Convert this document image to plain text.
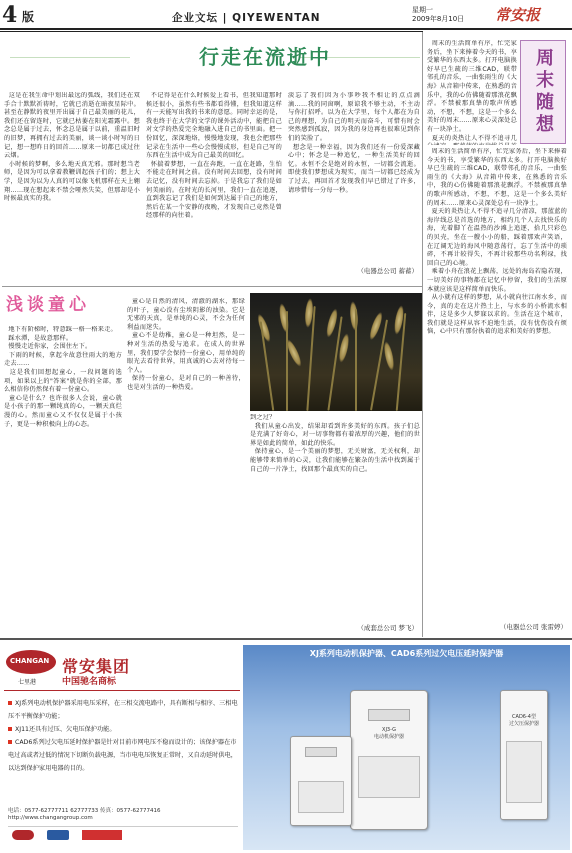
4 版	企业文坛 | QIYEWENTAN
星期一
2009年8月10日 常安报
行走在流逝中
这是在我生命中划出最远的弧线，我们还在双手合十默默祈祷时，它就已消逝在暗夜星际中。甚至在静默的夜里开出属于自己最美丽的花儿，我们还在留连时，它就已枯萎在阳光霜露中。想念总是属于过去，怀念总是属于以前，重温旧时的旧梦，再拥有过去的美丽，谈一谈小时写的日记，想一想昨日的回首……原来一切都已成过往云烟。
小时候的梦啊，多么地天真无邪。那时想当老师，是因为可以拿着教鞭训起孩子们的；想上大学，是因为以为人真的可以像飞机那样在天上翱翔……现在想起来不禁会哑然失笑，但那却是小时候最真实的我。
不记得是在什么时候爱上看书，但我知道那时候还很小，虽然有些书都看得懂，但我知道这样有一天能写出我的书来的意愿。同时幸运的是，我也终于在大学的文学的课外活动中，能把自己对文学的热爱完全地融入进自己的书里面。把一份回忆，深深地烙，慢慢地发现，我也会把那些记录在生活中一些心会慢慢成形，但是自己写的东西在生活中成为自己最美的回忆。
怀揣着梦想，一直在奔跑，一直在赶路，生怕不能走在时间之前。没有时间去回想，没有时间去记忆，没有时间去忘掉。于是我忘了我们是如何美丽的。在时光的长河里，我们一直在追逐，直到我忘记了我们是如何到达属于自己的地方，然后在某一个安静的夜晚，才发现自己竟然是曾经那样的向往着。
淡忘了我们因为小事吵我不相让的点点滴滴……我的同窗啊，原谅我不够主动，不主动与你打招呼。以为在大学里，每个人都在为自己的理想，为自己的明天而奋斗，可惜有时会突然感到孤寂，因为我的身边再也很难见到你们的笑脸了。
想念是一种幸福，因为我们还有一份爱深藏心中；怀念是一种追忆，一种生活美好的回忆。永恒不会是绝对的永恒，一切都会流逝。即使我们梦想成为现实，而当一切都已经成为了过去，再回首才发现我们早已错过了许多，请珍惜每一分每一秒。
（电器总公司 蓄蓄）
周末随想
周末的生活简单有序，忙完家务后，坐下来捧着今天的书，享受繁华的东西太多。打开电脑换好早已生疏的三维CAD，联带邻孔的音乐，一曲张雨生的《大海》从音箱中传来，在熟悉的音乐中，我的心仿佛随着那浪花飘浮。不禁被那真挚的歌声所感动，不想，不想，这是一个多么美好的周末……原来心灵深处总有一块净土。
夏天的炎热让人不得不追寻几

周末的生活简单有序，忙完家务后，坐下来捧着今天的书，享受繁华的东西太多。打开电脑换好早已生疏的三维CAD，联带邻孔的音乐，一曲张雨生的《大海》从音箱中传来，在熟悉的音乐中，我的心仿佛随着那浪花飘浮。不禁被那真挚的歌声所感动，不想，不想，这是一个多么美好的周末……原来心灵深处总有一块净土。
夏天的炎热让人不得不追寻几分清凉，那蓝蓝的海岸线总是首选的地方，相约几个人去找快乐的海，光着脚丫在温热的沙滩上追逐，拾几只彩色的贝壳，坐在一艘小小的船，踩着那欢声笑语，在辽阔无边的海风中随意荡行，忘了生活中的琐碎，不再计较得失，不再计较那些功名利禄，找回自己的心境。
乘着小舟在浪花上飘荡，远处的海岛若隐若现，一切美好的事物都在记忆中停留，我们的生活原本就应该是这样简单而快乐。
从小就有这样的梦想，从小就向往江南水乡，而今，真的走在这片热土上，与水乡的小桥流水相伴，这是多少人梦寐以求的。生活在这个城市，我们就是这样从容不迫地生活，没有忧伤没有烦恼，心中只有那份执着的追求和美好的梦想。
（电器总公司 张雷婷）
浅谈童心
地下有阶梯时，特意踩一格一格来走。
踩水潭，是故意那样。
慢慢走近你家，会围住左下。
下雨的时候，拿起伞故意往雨大的地方走去……
这是我们回想起童心，一段问题的选项，如果以上的"答案"就是你的全部，那么相信你仍然保有着一份童心。
童心是什么？也许很多人会说，童心就是小孩子的那一颗纯真的心，一颗天真烂漫的心。然而童心又不仅仅是属于小孩子，更是一种积极向上的心态。
童心是自然的清风，清澈的湖水，那绿的叶子，童心没有尘埃阴影的浊染。它是无邪的天真，是单纯的心灵，不会为任何利益而迷失。
童心不是幼稚，童心是一种坦然，是一种对生活的热爱与追求。在成人的世界里，我们要学会保持一份童心，用单纯的眼光去看待世界，用真诚的心去对待每一个人。
保持一份童心，是对自己的一种善待，也是对生活的一种热爱。
到之过？
我们从童心出发，结果却看到许多美好的东西。孩子们总是充满了好奇心，对一切事物都有着浓厚的兴趣，他们的世界是如此的简单，如此的快乐。
保持童心，是一个美丽的梦想，无关财富，无关权利，却能够带来简单的心灵，让我们能够在繁杂的生活中找到属于自己的一片净土，找回那个最真实的自己。
（成套总公司 梦飞）
CHANGAN
七里港
常安集团
中国驰名商标
XJ系列电动机保护器采用电压采样，在三相交流电路中，具有断相与相序、三相电压不平衡保护功能；
XJ11还具有过压、欠电压保护功能。
CAD6系列过欠电压延时保护器是针对目前市网电压不稳而设计的；该保护器在市电过高或者过低的情况下切断负载电源，当市电电压恢复正常时，又自动延时供电，以达到保护家用电器的目的。
电话：0577-62777711 62777733 传真：0577-62777416
http://www.changangroup.com

XJ系列电动机保护器、CAD6系列过欠电压延时保护器
XJ3-G
电动机保护器
CAD6-4型
过欠压保护器
